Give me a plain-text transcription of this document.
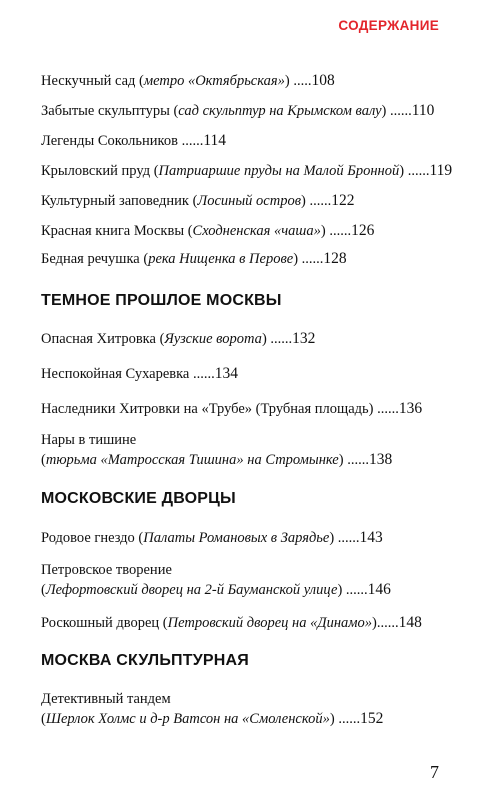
СОДЕРЖАНИЕ
Нескучный сад (метро «Октябрьская») .....108
Забытые скульптуры (сад скульптур на Крымском валу) ......110
Легенды Сокольников ......114
Крыловский пруд (Патриаршие пруды на Малой Бронной) ......119
Культурный заповедник (Лосиный остров) ......122
Красная книга Москвы (Сходненская «чаша») ......126
Бедная речушка (река Нищенка в Перове) ......128
ТЕМНОЕ ПРОШЛОЕ МОСКВЫ
Опасная Хитровка (Яузские ворота) ......132
Неспокойная Сухаревка ......134
Наследники Хитровки на «Трубе» (Трубная площадь) ......136
Нары в тишине
(тюрьма «Матросская Тишина» на Стромынке) ......138
МОСКОВСКИЕ ДВОРЦЫ
Родовое гнездо (Палаты Романовых в Зарядье) ......143
Петровское творение
(Лефортовский дворец на 2-й Бауманской улице) ......146
Роскошный дворец (Петровский дворец на «Динамо»)......148
МОСКВА СКУЛЬПТУРНАЯ
Детективный тандем
(Шерлок Холмс и д-р Ватсон на «Смоленской») ......152
7
